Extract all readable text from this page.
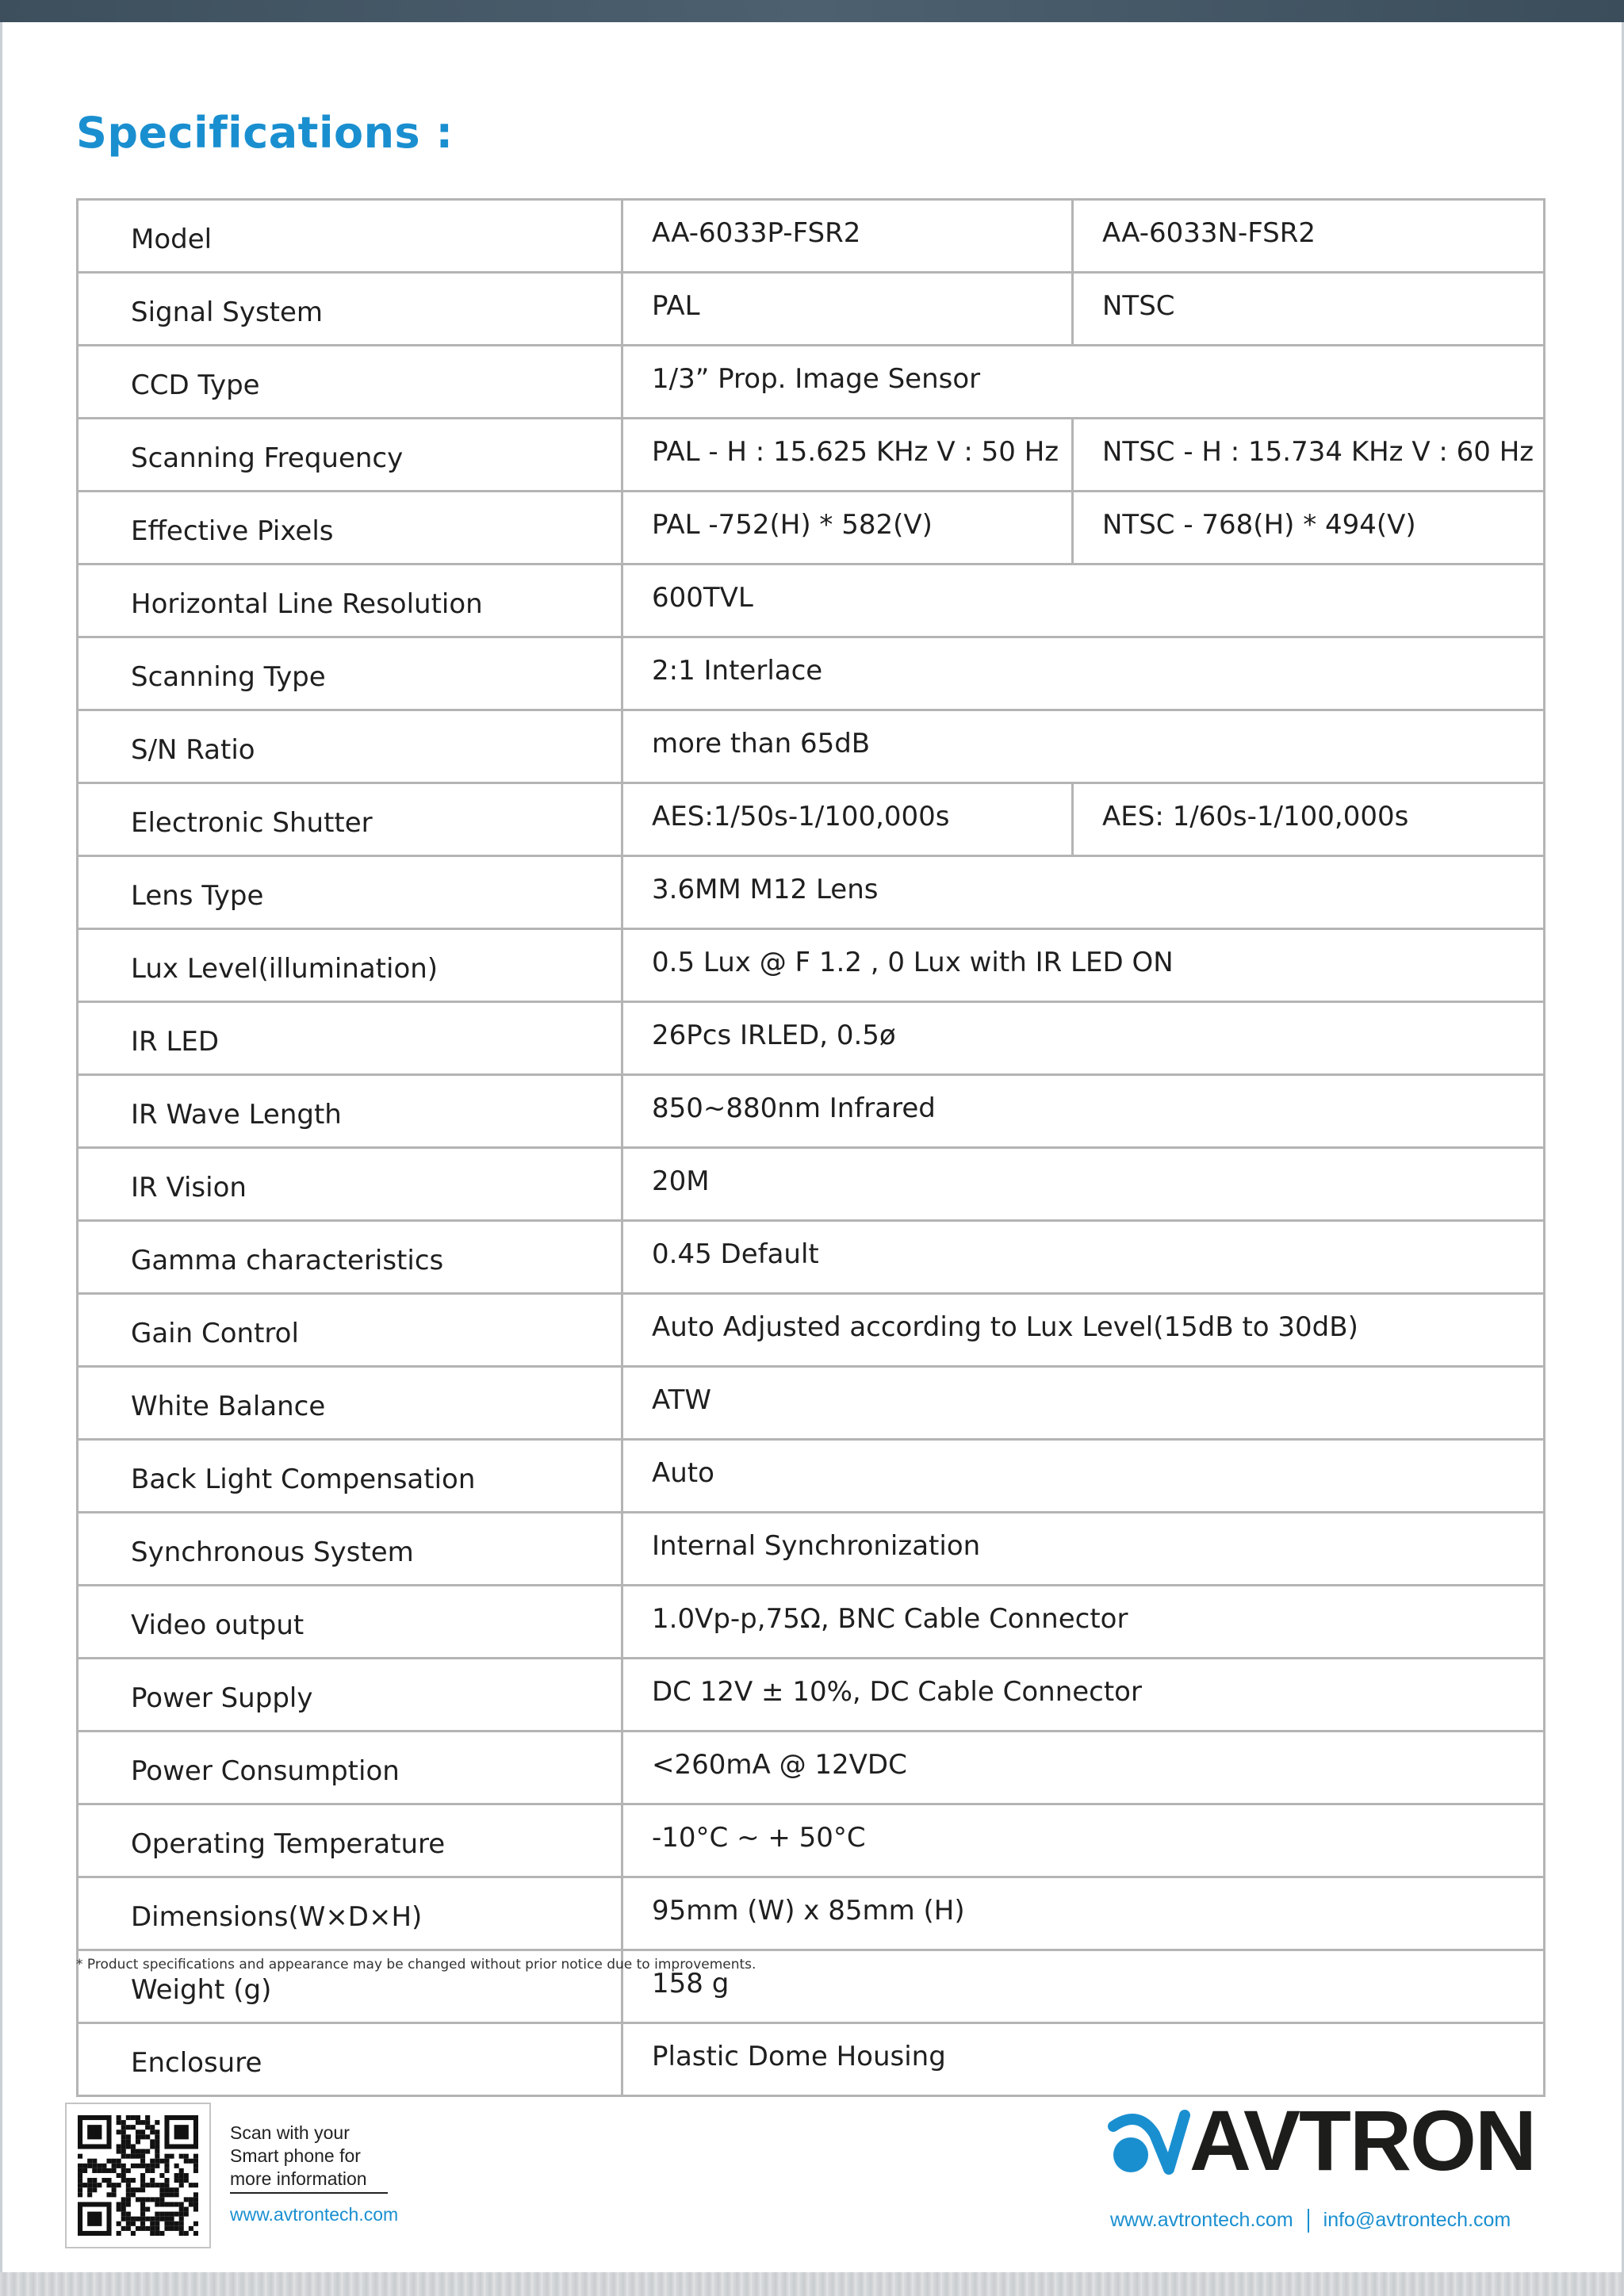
Specifications :
Model	AA-6033P-FSR2	AA-6033N-FSR2
Signal System	PAL	NTSC
CCD Type	1/3” Prop. Image Sensor	
Scanning Frequency	PAL - H : 15.625 KHz V : 50 Hz	NTSC - H : 15.734 KHz V : 60 Hz
Effective Pixels	PAL -752(H) * 582(V)	NTSC - 768(H) * 494(V)
Horizontal Line Resolution	600TVL	
Scanning Type	2:1 Interlace	
S/N Ratio	more than 65dB	
Electronic Shutter	AES:1/50s-1/100,000s	AES: 1/60s-1/100,000s
Lens Type	3.6MM M12 Lens	
Lux Level(illumination)	0.5 Lux @ F 1.2 , 0 Lux with IR LED ON	
IR LED	26Pcs IRLED, 0.5ø	
IR Wave Length	850~880nm Infrared	
IR Vision	20M	
Gamma characteristics	0.45 Default	
Gain Control	Auto Adjusted according to Lux Level(15dB to 30dB)	
White Balance	ATW	
Back Light Compensation	Auto	
Synchronous System	Internal Synchronization	
Video output	1.0Vp-p,75Ω, BNC Cable Connector	
Power Supply	DC 12V ± 10%, DC Cable Connector	
Power Consumption	<260mA @ 12VDC	
Operating Temperature	-10°C ~ + 50°C	
Dimensions(W×D×H)	95mm (W) x 85mm (H)	
Weight (g)	158 g	
Enclosure	Plastic Dome Housing	
* Product specifications and appearance may be changed without prior notice due to improvements.
Scan with your
Smart phone for
more information
www.avtrontech.com
AVTRON
www.avtrontech.com info@avtrontech.com
